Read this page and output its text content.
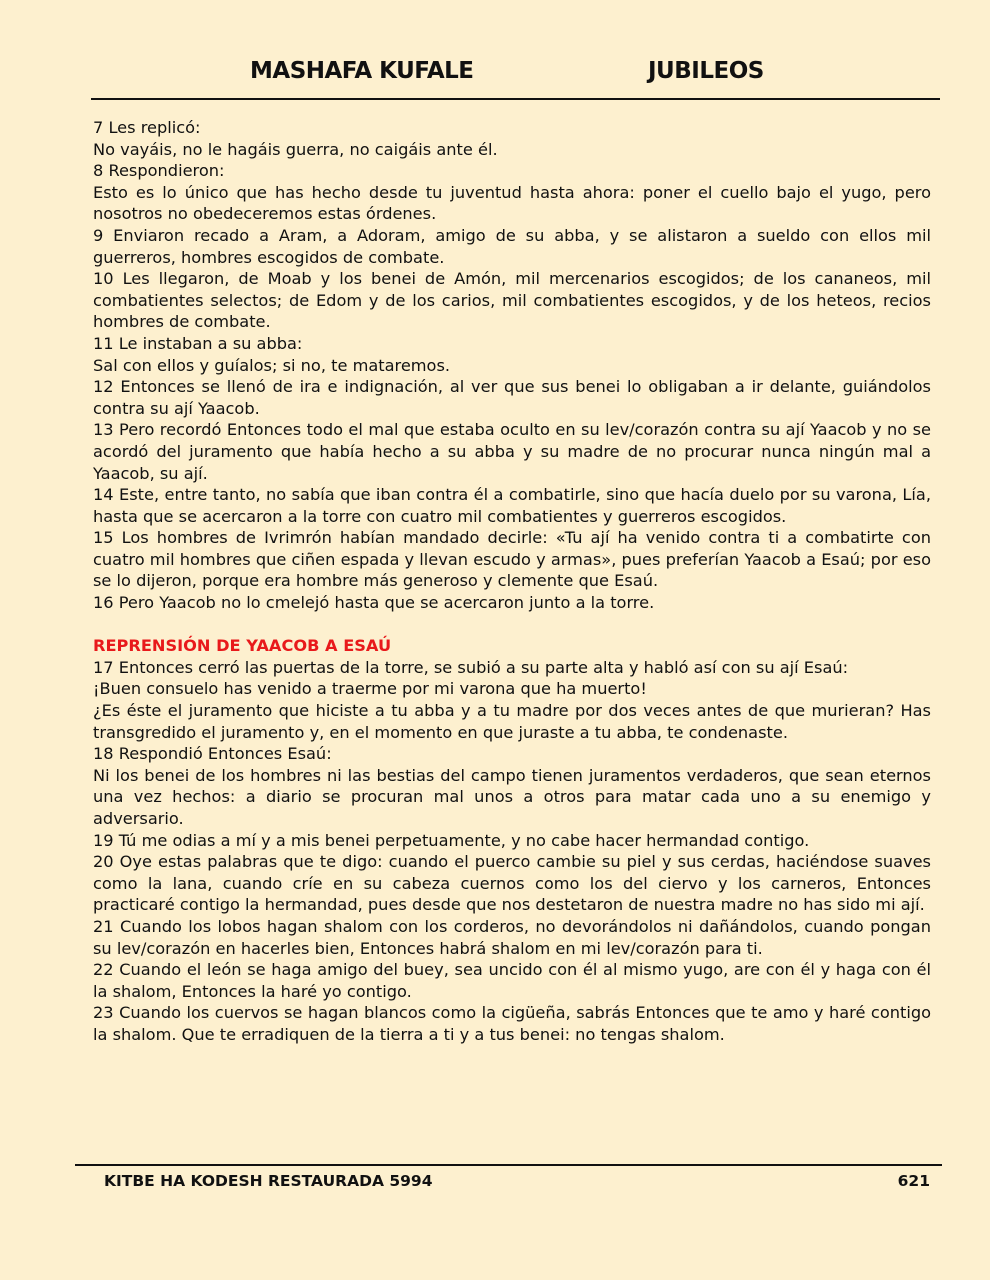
MASHAFA KUFALE	JUBILEOS

7 Les replicó:

No vayáis, no le hagáis guerra, no caigáis ante él.

8 Respondieron:

Esto es lo único que has hecho desde tu juventud hasta ahora: poner el cuello bajo el yugo, pero nosotros no obedeceremos estas órdenes.

9 Enviaron recado a Aram, a Adoram, amigo de su abba, y se alistaron a sueldo con ellos mil guerreros, hombres escogidos de combate.

10 Les llegaron, de Moab y los benei de Amón, mil mercenarios escogidos; de los cananeos, mil combatientes selectos; de Edom y de los carios, mil combatientes escogidos, y de los heteos, recios hombres de combate.

11 Le instaban a su abba:

Sal con ellos y guíalos; si no, te mataremos.

12 Entonces se llenó de ira e indignación, al ver que sus benei lo obligaban a ir delante, guiándolos contra su ají Yaacob.

13 Pero recordó Entonces todo el mal que estaba oculto en su lev/corazón contra su ají Yaacob y no se acordó del juramento que había hecho a su abba y su madre de no procurar nunca ningún mal a Yaacob, su ají.

14 Este, entre tanto, no sabía que iban contra él a combatirle, sino que hacía duelo por su varona, Lía, hasta que se acercaron a la torre con cuatro mil combatientes y guerreros escogidos.

15 Los hombres de Ivrimrón habían mandado decirle: «Tu ají ha venido contra ti a combatirte con cuatro mil hombres que ciñen espada y llevan escudo y armas», pues preferían Yaacob a Esaú; por eso se lo dijeron, porque era hombre más generoso y clemente que Esaú.

16 Pero Yaacob no lo cmelejó hasta que se acercaron junto a la torre.

REPRENSIÓN DE YAACOB A ESAÚ

17 Entonces cerró las puertas de la torre, se subió a su parte alta y habló así con su ají Esaú:

¡Buen consuelo has venido a traerme por mi varona que ha muerto!

¿Es éste el juramento que hiciste a tu abba y a tu madre por dos veces antes de que murieran? Has transgredido el juramento y, en el momento en que juraste a tu abba, te condenaste.

18 Respondió Entonces Esaú:

Ni los benei de los hombres ni las bestias del campo tienen juramentos verdaderos, que sean eternos una vez hechos: a diario se procuran mal unos a otros para matar cada uno a su enemigo y adversario.

19 Tú me odias a mí y a mis benei perpetuamente, y no cabe hacer hermandad contigo.

20 Oye estas palabras que te digo: cuando el puerco cambie su piel y sus cerdas, haciéndose suaves como la lana, cuando críe en su cabeza cuernos como los del ciervo y los carneros, Entonces practicaré contigo la hermandad, pues desde que nos destetaron de nuestra madre no has sido mi ají.

21 Cuando los lobos hagan shalom con los corderos, no devorándolos ni dañándolos, cuando pongan su lev/corazón en hacerles bien, Entonces habrá shalom en mi lev/corazón para ti.

22 Cuando el león se haga amigo del buey, sea uncido con él al mismo yugo, are con él y haga con él la shalom, Entonces la haré yo contigo.

23 Cuando los cuervos se hagan blancos como la cigüeña, sabrás Entonces que te amo y haré contigo la shalom. Que te erradiquen de la tierra a ti y a tus benei: no tengas shalom.

KITBE HA KODESH RESTAURADA 5994	621
